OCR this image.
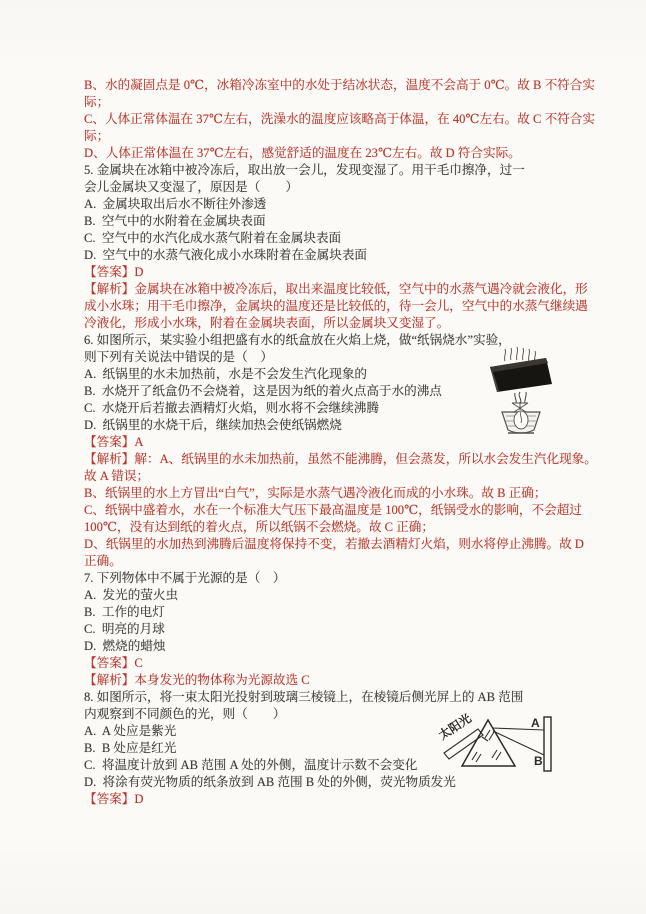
B、水的凝固点是 0℃，冰箱冷冻室中的水处于结冰状态，温度不会高于 0℃。故 B 不符合实
际；
C、人体正常体温在 37℃左右，洗澡水的温度应该略高于体温，在 40℃左右。故 C 不符合实
际；
D、人体正常体温在 37℃左右，感觉舒适的温度在 23℃左右。故 D 符合实际。
5. 金属块在冰箱中被冷冻后，取出放一会儿，发现变湿了。用干毛巾擦净，过一
会儿金属块又变湿了，原因是（　　）
A.  金属块取出后水不断往外渗透
B.  空气中的水附着在金属块表面
C.  空气中的水汽化成水蒸气附着在金属块表面
D.  空气中的水蒸气液化成小水珠附着在金属块表面
【答案】D
【解析】金属块在冰箱中被冷冻后，取出来温度比较低，空气中的水蒸气遇冷就会液化，形
成小水珠；用干毛巾擦净，金属块的温度还是比较低的，待一会儿，空气中的水蒸气继续遇
冷液化，形成小水珠，附着在金属块表面，所以金属块又变湿了。
6. 如图所示，某实验小组把盛有水的纸盒放在火焰上烧，做“纸锅烧水”实验，
则下列有关说法中错误的是（　）
A.  纸锅里的水未加热前，水是不会发生汽化现象的
B.  水烧开了纸盒仍不会烧着，这是因为纸的着火点高于水的沸点
C.  水烧开后若撤去酒精灯火焰，则水将不会继续沸腾
D.  纸锅里的水烧干后，继续加热会使纸锅燃烧
【答案】A
【解析】解：A、纸锅里的水未加热前，虽然不能沸腾，但会蒸发，所以水会发生汽化现象。
故 A 错误；
B、纸锅里的水上方冒出“白气”，实际是水蒸气遇冷液化而成的小水珠。故 B 正确；
C、纸锅中盛着水，水在一个标准大气压下最高温度是 100℃，纸锅受水的影响，不会超过
100℃，没有达到纸的着火点，所以纸锅不会燃烧。故 C 正确；
D、纸锅里的水加热到沸腾后温度将保持不变，若撤去酒精灯火焰，则水将停止沸腾。故 D
正确。
7. 下列物体中不属于光源的是（　）
A.  发光的萤火虫
B.  工作的电灯
C.  明亮的月球
D.  燃烧的蜡烛
【答案】C
【解析】本身发光的物体称为光源故选 C
8. 如图所示，将一束太阳光投射到玻璃三棱镜上，在棱镜后侧光屏上的 AB 范围
内观察到不同颜色的光，则（　　）
A.  A 处应是紫光
B.  B 处应是红光
C.  将温度计放到 AB 范围 A 处的外侧，温度计示数不会变化
D.  将涂有荧光物质的纸条放到 AB 范围 B 处的外侧，荧光物质发光
【答案】D
太阳光	A
B
